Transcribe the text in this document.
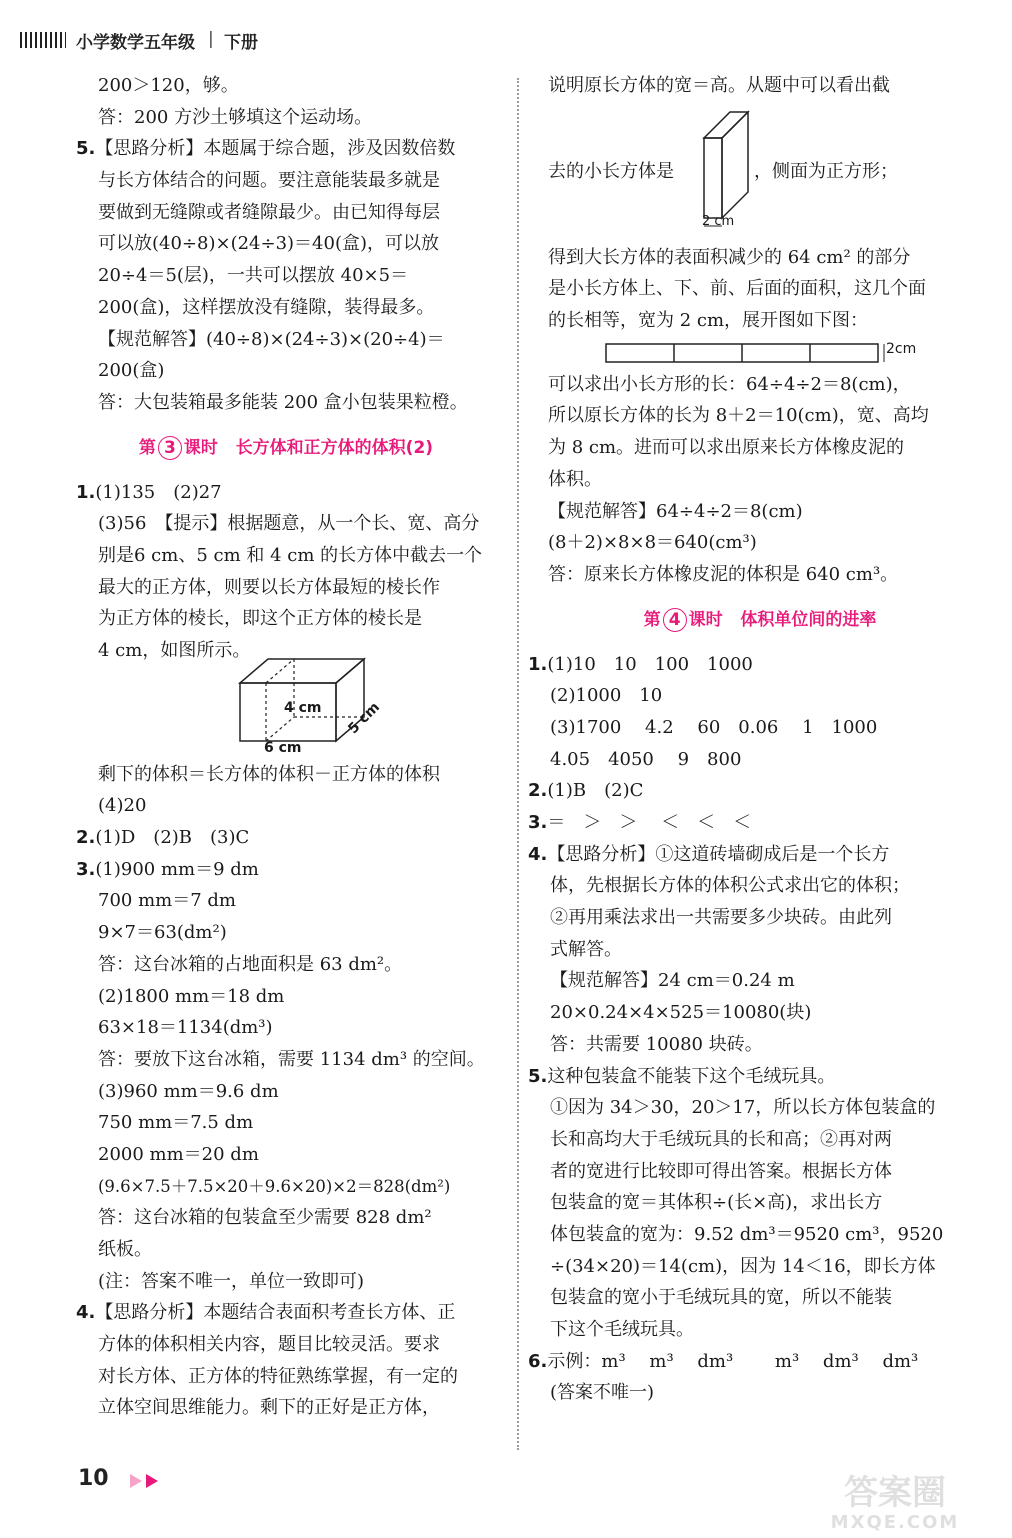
小学数学五年级 | 下册
200＞120，够。
答：200 方沙土够填这个运动场。
5.【思路分析】本题属于综合题，涉及因数倍数
与长方体结合的问题。要注意能装最多就是
要做到无缝隙或者缝隙最少。由已知得每层
可以放(40÷8)×(24÷3)＝40(盒)，可以放
20÷4＝5(层)，一共可以摆放 40×5＝
200(盒)，这样摆放没有缝隙，装得最多。
【规范解答】(40÷8)×(24÷3)×(20÷4)＝
200(盒)
答：大包装箱最多能装 200 盒小包装果粒橙。
第 3 课时 长方体和正方体的体积(2)
1.(1)135　(2)27
(3)56　【提示】根据题意，从一个长、宽、高分
别是6 cm、5 cm 和 4 cm 的长方体中截去一个
最大的正方体，则要以长方体最短的棱长作
为正方体的棱长，即这个正方体的棱长是
4 cm，如图所示。
4 cm	5 cm
6 cm
剩下的体积＝长方体的体积－正方体的体积
(4)20
2.(1)D　(2)B　(3)C
3.(1)900 mm＝9 dm
700 mm＝7 dm
9×7＝63(dm²)
答：这台冰箱的占地面积是 63 dm²。
(2)1800 mm＝18 dm
63×18＝1134(dm³)
答：要放下这台冰箱，需要 1134 dm³ 的空间。
(3)960 mm＝9.6 dm
750 mm＝7.5 dm
2000 mm＝20 dm
(9.6×7.5＋7.5×20＋9.6×20)×2＝828(dm²)
答：这台冰箱的包装盒至少需要 828 dm²
纸板。
(注：答案不唯一，单位一致即可)
4.【思路分析】本题结合表面积考查长方体、正
方体的体积相关内容，题目比较灵活。要求
对长方体、正方体的特征熟练掌握，有一定的
立体空间思维能力。剩下的正好是正方体，
说明原长方体的宽＝高。从题中可以看出截
去的小长方体是
2 cm
，侧面为正方形；
得到大长方体的表面积减少的 64 cm² 的部分
是小长方体上、下、前、后面的面积，这几个面
的长相等，宽为 2 cm，展开图如下图：
2cm
可以求出小长方形的长：64÷4÷2＝8(cm)，
所以原长方体的长为 8＋2＝10(cm)，宽、高均
为 8 cm。进而可以求出原来长方体橡皮泥的
体积。
【规范解答】64÷4÷2＝8(cm)
(8＋2)×8×8＝640(cm³)
答：原来长方体橡皮泥的体积是 640 cm³。
第 4 课时 体积单位间的进率
1.(1)10　10　100　1000
(2)1000　10
(3)1700　 4.2　 60　0.06　 1　1000
4.05　4050　 9　800
2.(1)B　(2)C
3.＝　＞　＞　 ＜　＜　＜
4.【思路分析】①这道砖墙砌成后是一个长方
体，先根据长方体的体积公式求出它的体积；
②再用乘法求出一共需要多少块砖。由此列
式解答。
【规范解答】24 cm＝0.24 m
20×0.24×4×525＝10080(块)
答：共需要 10080 块砖。
5.这种包装盒不能装下这个毛绒玩具。
①因为 34＞30，20＞17，所以长方体包装盒的
长和高均大于毛绒玩具的长和高；②再对两
者的宽进行比较即可得出答案。根据长方体
包装盒的宽＝其体积÷(长×高)，求出长方
体包装盒的宽为：9.52 dm³＝9520 cm³，9520
÷(34×20)＝14(cm)，因为 14＜16，即长方体
包装盒的宽小于毛绒玩具的宽，所以不能装
下这个毛绒玩具。
6.示例：m³　 m³　 dm³　　 m³　 dm³　 dm³
(答案不唯一)
10	答案圈
MXQE.COM
